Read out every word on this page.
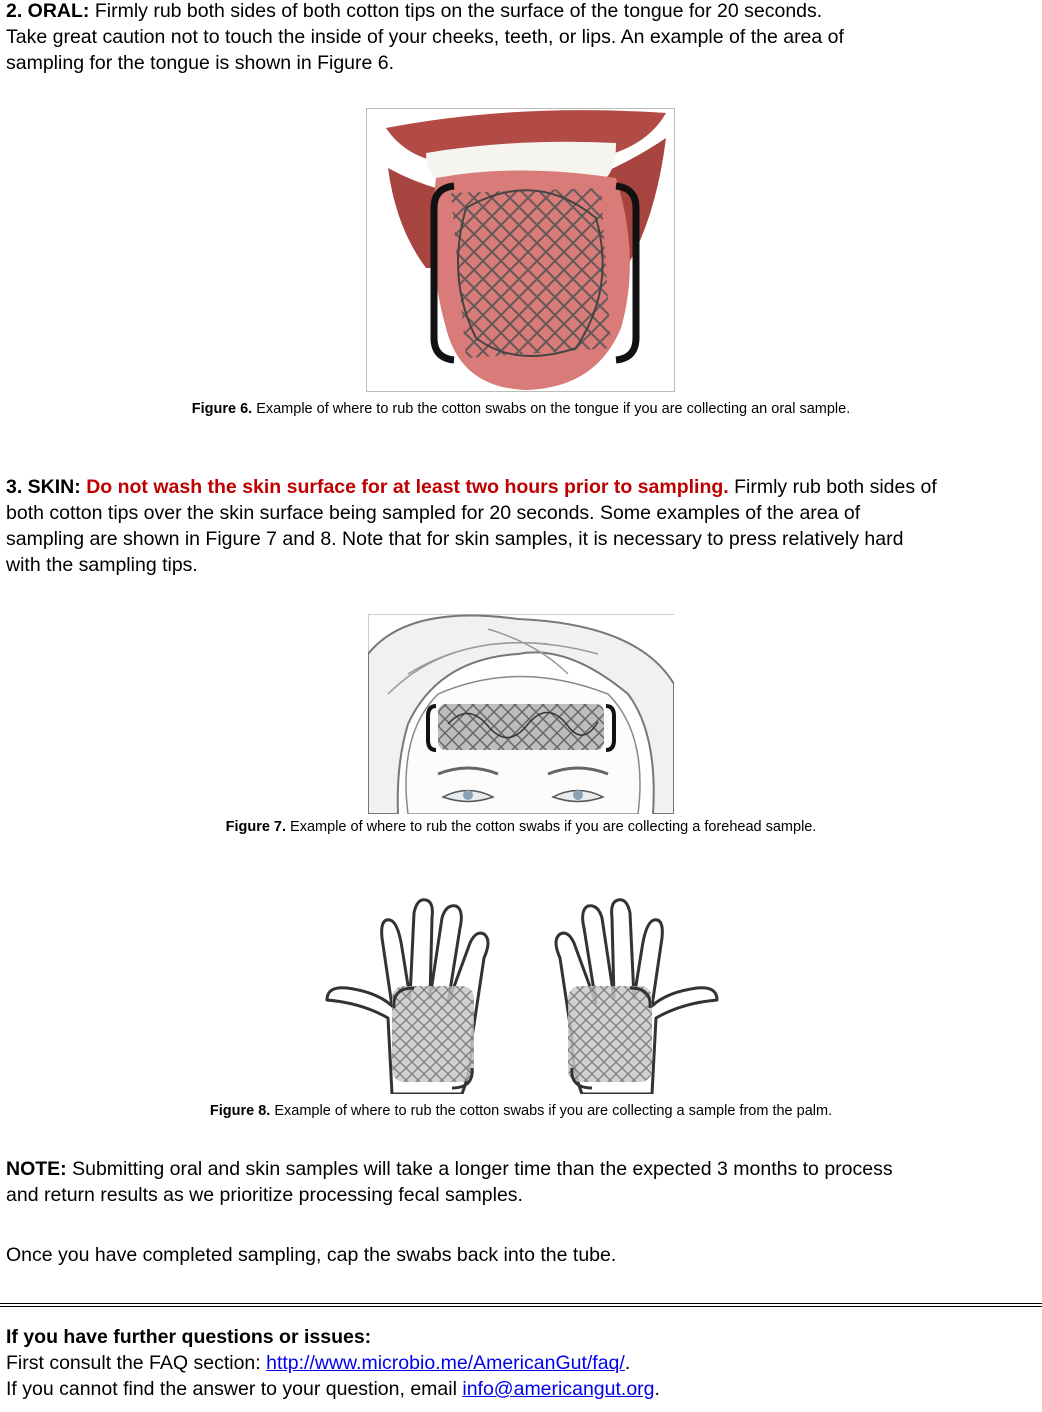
2. ORAL: Firmly rub both sides of both cotton tips on the surface of the tongue for 20 seconds.
Take great caution not to touch the inside of your cheeks, teeth, or lips. An example of the area of
sampling for the tongue is shown in Figure 6.
Figure 6. Example of where to rub the cotton swabs on the tongue if you are collecting an oral sample.
3. SKIN: Do not wash the skin surface for at least two hours prior to sampling. Firmly rub both sides of
both cotton tips over the skin surface being sampled for 20 seconds. Some examples of the area of
sampling are shown in Figure 7 and 8. Note that for skin samples, it is necessary to press relatively hard
with the sampling tips.
Figure 7. Example of where to rub the cotton swabs if you are collecting a forehead sample.
Figure 8. Example of where to rub the cotton swabs if you are collecting a sample from the palm.
NOTE: Submitting oral and skin samples will take a longer time than the expected 3 months to process
and return results as we prioritize processing fecal samples.
Once you have completed sampling, cap the swabs back into the tube.
If you have further questions or issues:
First consult the FAQ section: http://www.microbio.me/AmericanGut/faq/.
If you cannot find the answer to your question, email info@americangut.org.
